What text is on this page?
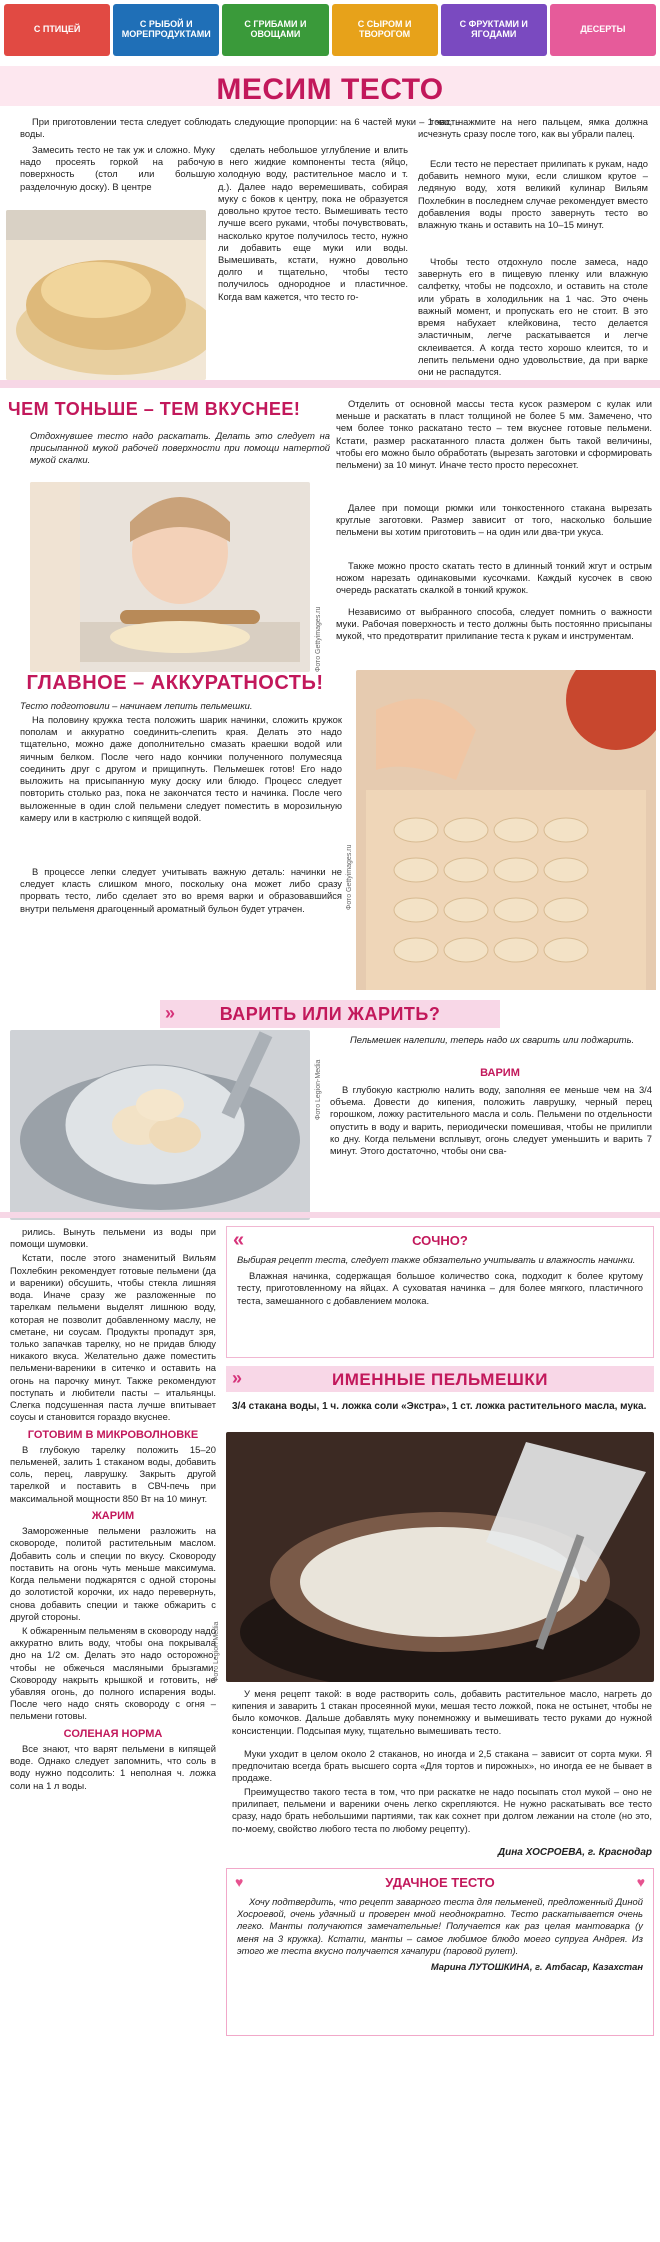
С ПТИЦЕЙ	С РЫБОЙ И МОРЕПРОДУКТАМИ
С ГРИБАМИ И ОВОЩАМИ
С СЫРОМ И ТВОРОГОМ
С ФРУКТАМИ И ЯГОДАМИ	ДЕСЕРТЫ
МЕСИМ ТЕСТО
При приготовлении теста следует соблюдать следующие пропорции: на 6 частей муки – 1 часть воды.
Замесить тесто не так уж и сложно. Муку надо просеять горкой на рабочую поверхность (стол или большую разделочную доску). В центре
сделать небольшое углубление и влить в него жидкие компоненты теста (яйцо, холодную воду, растительное масло и т. д.). Далее надо веремешивать, собирая муку с боков к центру, пока не образуется довольно крутое тесто. Вымешивать тесто лучше всего руками, чтобы почувствовать, насколько крутое получилось тесто, нужно ли добавить еще муки или воды. Вымешивать, кстати, нужно довольно долго и тщательно, чтобы тесто получилось однородное и пластичное. Когда вам кажется, что тесто го-
тово, нажмите на него пальцем, ямка должна исчезнуть сразу после того, как вы убрали палец.
Если тесто не перестает прилипать к рукам, надо добавить немного муки, если слишком крутое – ледяную воду, хотя великий кулинар Вильям Похлебкин в последнем случае рекомендует вместо добавления воды просто завернуть тесто во влажную ткань и оставить на 10–15 минут.
Чтобы тесто отдохнуло после замеса, надо завернуть его в пищевую пленку или влажную салфетку, чтобы не подсохло, и оставить на столе или убрать в холодильник на 1 час. Это очень важный момент, и пропускать его не стоит. В это время набухает клейковина, тесто делается эластичным, легче раскатывается и легче склеивается. А когда тесто хорошо клеится, то и лепить пельмени одно удовольствие, да при варке они не распадутся.
ЧЕМ ТОНЬШЕ – ТЕМ ВКУСНЕЕ!
Отдохнувшее тесто надо раскатать. Делать это следует на присыпанной мукой рабочей поверхности при помощи натертой мукой скалки.
Фото Gettyimages.ru
Отделить от основной массы теста кусок размером с кулак или меньше и раскатать в пласт толщиной не более 5 мм. Замечено, что чем более тонко раскатано тесто – тем вкуснее готовые пельмени. Кстати, размер раскатанного пласта должен быть такой величины, чтобы его можно было обработать (вырезать заготовки и сформировать пельмени) за 10 минут. Иначе тесто просто пересохнет.
Далее при помощи рюмки или тонкостенного стакана вырезать круглые заготовки. Размер зависит от того, насколько большие пельмени вы хотим приготовить – на один или два-три укуса.
Также можно просто скатать тесто в длинный тонкий жгут и острым ножом нарезать одинаковыми кусочками. Каждый кусочек в свою очередь раскатать скалкой в тонкий кружок.
Независимо от выбранного способа, следует помнить о важности муки. Рабочая поверхность и тесто должны быть постоянно присыпаны мукой, что предотвратит прилипание теста к рукам и инструментам.
ГЛАВНОЕ – АККУРАТНОСТЬ!
Тесто подготовили – начинаем лепить пельмешки.
На половину кружка теста положить шарик начинки, сложить кружок пополам и аккуратно соединить-слепить края. Делать это надо тщательно, можно даже дополнительно смазать краешки водой или яичным белком. После чего надо кончики полученного полумесяца соединить друг с другом и прищипнуть. Пельмешек готов! Его надо выложить на присыпанную муку доску или блюдо. Процесс следует повторить столько раз, пока не закончатся тесто и начинка. После чего выложенные в один слой пельмени следует поместить в морозильную камеру или в кастрюлю с кипящей водой.
В процессе лепки следует учитывать важную деталь: начинки не следует класть слишком много, поскольку она может либо сразу прорвать тесто, либо сделает это во время варки и образовавшийся внутри пельменя драгоценный ароматный бульон будет утрачен.	Фото Gettyimages.ru
»	ВАРИТЬ ИЛИ ЖАРИТЬ?
Фото Legion-Media
Пельмешек налепили, теперь надо их сварить или поджарить.
ВАРИМ
В глубокую кастрюлю налить воду, заполняя ее меньше чем на 3/4 объема. Довести до кипения, положить лаврушку, черный перец горошком, ложку растительного масла и соль. Пельмени по отдельности опустить в воду и варить, периодически помешивая, чтобы не прилипли ко дну. Когда пельмени всплывут, огонь следует уменьшить и варить 7 минут. Этого достаточно, чтобы они сва-
рились. Вынуть пельмени из воды при помощи шумовки.
Кстати, после этого знаменитый Вильям Похлебкин рекомендует готовые пельмени (да и вареники) обсушить, чтобы стекла лишняя вода. Иначе сразу же разложенные по тарелкам пельмени выделят лишнюю воду, которая не позволит добавленному маслу, не сметане, ни соусам. Продукты пропадут зря, только запачкав тарелку, но не придав блюду никакого вкуса. Желательно даже поместить пельмени-вареники в ситечко и оставить на огонь на парочку минут. Также рекомендуют поступать и любители пасты – итальянцы. Слегка подсушенная паста лучше впитывает соусы и становится гораздо вкуснее.
ГОТОВИМ В МИКРОВОЛНОВКЕ
В глубокую тарелку положить 15–20 пельменей, залить 1 стаканом воды, добавить соль, перец, лаврушку. Закрыть другой тарелкой и поставить в СВЧ-печь при максимальной мощности 850 Вт на 10 минут.
ЖАРИМ
Замороженные пельмени разложить на сковороде, политой растительным маслом. Добавить соль и специи по вкусу. Сковороду поставить на огонь чуть меньше максимума. Когда пельмени поджарятся с одной стороны до золотистой корочки, их надо перевернуть, снова добавить специи и также обжарить с другой стороны.
К обжаренным пельменям в сковороду надо аккуратно влить воду, чтобы она покрывала дно на 1/2 см. Делать это надо осторожно, чтобы не обжечься масляными брызгами. Сковороду накрыть крышкой и готовить, не убавляя огонь, до полного испарения воды. После чего надо снять сковороду с огня – пельмени готовы.
СОЛЕНАЯ НОРМА
Все знают, что варят пельмени в кипящей воде. Однако следует запомнить, что соль в воду нужно подсолить: 1 неполная ч. ложка соли на 1 л воды.
«	СОЧНО?
Выбирая рецепт теста, следует также обязательно учитывать и влажность начинки.
Влажная начинка, содержащая большое количество сока, подходит к более крутому тесту, приготовленному на яйцах. А суховатая начинка – для более мягкого, пластичного теста, замешанного с добавлением молока.
»	ИМЕННЫЕ ПЕЛЬМЕШКИ
3/4 стакана воды, 1 ч. ложка соли «Экстра», 1 ст. ложка растительного масла, мука.
Фото Legion-Media
У меня рецепт такой: в воде растворить соль, добавить растительное масло, нагреть до кипения и заварить 1 стакан просеянной муки, мешая тесто ложкой, пока не остынет, чтобы не было комочков. Дальше добавлять муку понемножку и вымешивать тесто руками до нужной консистенции. Подсыпая муку, тщательно вымешивать тесто.
Муки уходит в целом около 2 стаканов, но иногда и 2,5 стакана – зависит от сорта муки. Я предпочитаю всегда брать высшего сорта «Для тортов и пирожных», но иногда ее не бывает в продаже.
Преимущество такого теста в том, что при раскатке не надо посыпать стол мукой – оно не прилипает, пельмени и вареники очень легко скрепляются. Не нужно раскатывать все тесто сразу, надо брать небольшими партиями, так как сохнет при долгом лежании на столе (но это, по-моему, свойство любого теста по любому рецепту).
Дина ХОСРОЕВА, г. Краснодар
♥	♥
УДАЧНОЕ ТЕСТО
Хочу подтвердить, что рецепт заварного теста для пельменей, предложенный Диной Хосроевой, очень удачный и проверен мной неоднократно. Тесто раскатывается очень легко. Манты получаются замечательные! Получается как раз целая мантоварка (у меня на 3 кружка). Кстати, манты – самое любимое блюдо моего супруга Андрея. Из этого же теста вкусно получается хачапури (паровой рулет).
Марина ЛУТОШКИНА, г. Атбасар, Казахстан
